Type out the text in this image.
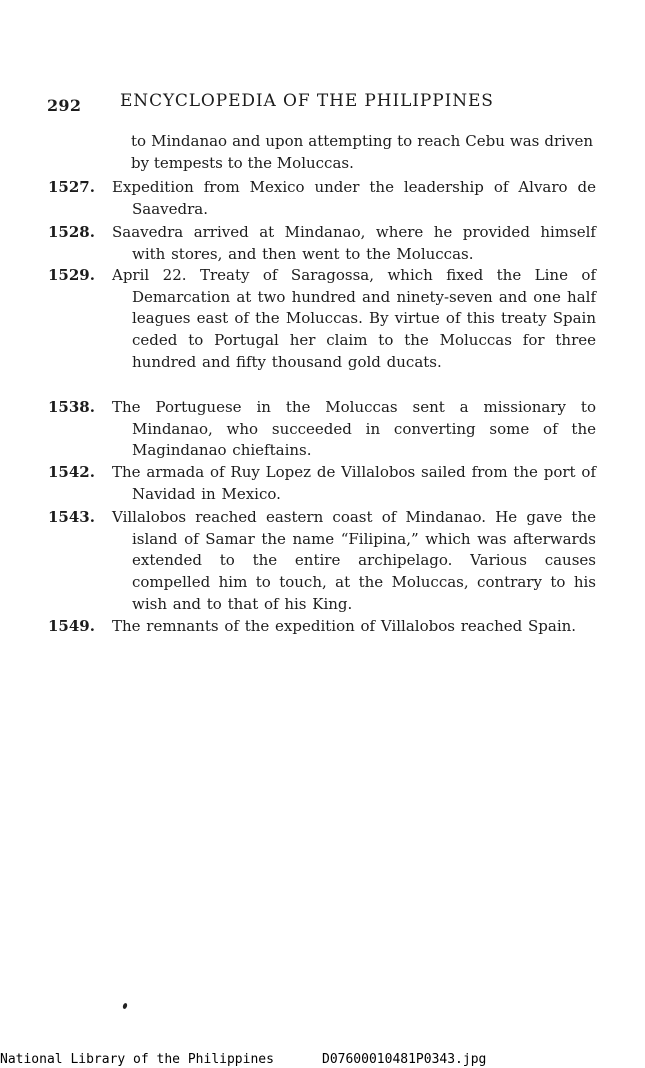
292 ENCYCLOPEDIA OF THE PHILIPPINES

to Mindanao and upon attempting to reach Cebu was driven by tempests to the Moluccas.

1527. Expedition from Mexico under the leadership of Alvaro de Saavedra.
1528. Saavedra arrived at Mindanao, where he provided himself with stores, and then went to the Moluccas.
1529. April 22. Treaty of Saragossa, which fixed the Line of Demarcation at two hundred and ninety-seven and one half leagues east of the Moluccas. By virtue of this treaty Spain ceded to Portugal her claim to the Moluccas for three hundred and fifty thousand gold ducats.
1538. The Portuguese in the Moluccas sent a missionary to Mindanao, who succeeded in converting some of the Magindanao chieftains.
1542. The armada of Ruy Lopez de Villalobos sailed from the port of Navidad in Mexico.
1543. Villalobos reached eastern coast of Mindanao. He gave the island of Samar the name “Filipina,” which was afterwards extended to the entire archipelago. Various causes compelled him to touch, at the Moluccas, contrary to his wish and to that of his King.
1549. The remnants of the expedition of Villalobos reached Spain.
National Library of the Philippines	D07600010481P0343.jpg
